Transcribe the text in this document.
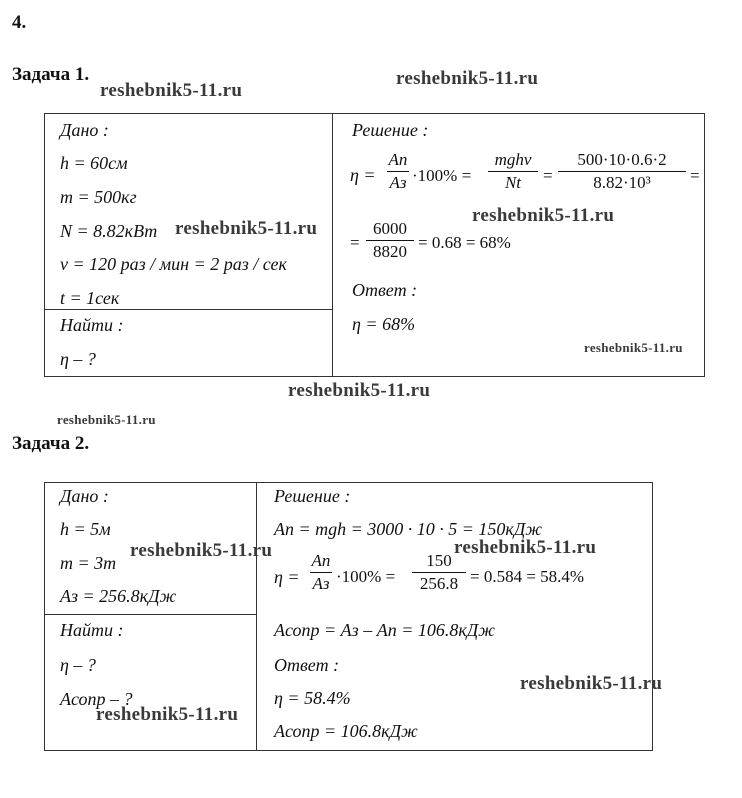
4.
Задача 1.
reshebnik5-11.ru
reshebnik5-11.ru
Дано :
h = 60см
m = 500кг
N = 8.82кВт
v = 120 раз / мин = 2 раз / сек
t = 1сек
reshebnik5-11.ru
Найти :
η – ?
Решение :
η =
Aп
Aз ·100% =
mghv
Nt	=
500·10·0.6·2
8.82·10³	=
reshebnik5-11.ru
=
6000
8820 = 0.68 = 68%
Ответ :
η = 68%
reshebnik5-11.ru
reshebnik5-11.ru
reshebnik5-11.ru
Задача 2.
Дано :
h = 5м
m = 3т
Aз = 256.8кДж
reshebnik5-11.ru
Найти :
η – ?
Aсопр – ?
reshebnik5-11.ru
Решение :
Aп = mgh = 3000 · 10 · 5 = 150кДж
reshebnik5-11.ru
η =
Aп
Aз ·100% =
150
256.8 = 0.584 = 58.4%
Aсопр = Aз – Aп = 106.8кДж
Ответ :
reshebnik5-11.ru
η = 58.4%
Aсопр = 106.8кДж
